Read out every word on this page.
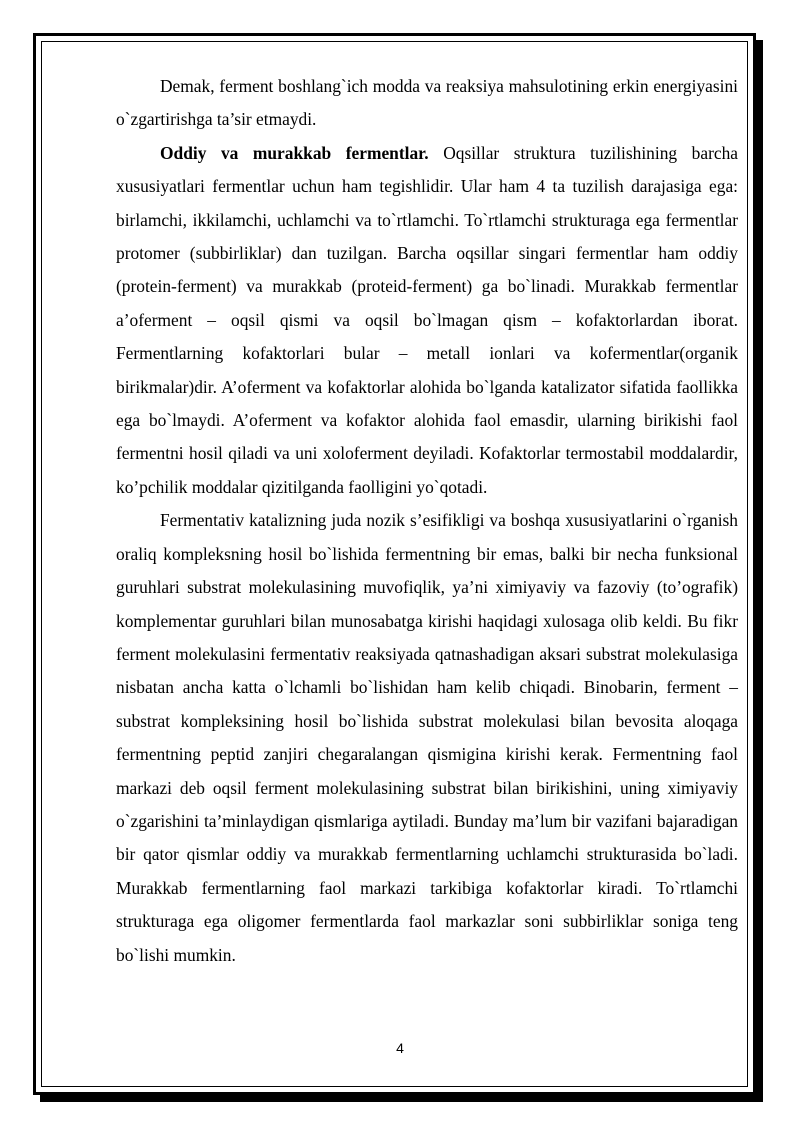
Demak, ferment boshlang`ich modda va reaksiya mahsulotining erkin energiyasini o`zgartirishga ta’sir etmaydi.

Oddiy va murakkab fermentlar. Oqsillar struktura tuzilishining barcha xususiyatlari fermentlar uchun ham tegishlidir. Ular ham 4 ta tuzilish darajasiga ega: birlamchi, ikkilamchi, uchlamchi va to`rtlamchi. To`rtlamchi strukturaga ega fermentlar protomer (subbirliklar) dan tuzilgan. Barcha oqsillar singari fermentlar ham oddiy (protein-ferment) va murakkab (proteid-ferment) ga bo`linadi. Murakkab fermentlar a’oferment – oqsil qismi va oqsil bo`lmagan qism – kofaktorlardan iborat. Fermentlarning kofaktorlari bular – metall ionlari va kofermentlar(organik birikmalar)dir. A’oferment va kofaktorlar alohida bo`lganda katalizator sifatida faollikka ega bo`lmaydi. A’oferment va kofaktor alohida faol emasdir, ularning birikishi faol fermentni hosil qiladi va uni xoloferment deyiladi. Kofaktorlar termostabil moddalardir, ko’pchilik moddalar qizitilganda faolligini yo`qotadi.

Fermentativ katalizning juda nozik s’esifikligi va boshqa xususiyatlarini o`rganish oraliq kompleksning hosil bo`lishida fermentning bir emas, balki bir necha funksional guruhlari substrat molekulasining muvofiqlik, ya’ni ximiyaviy va fazoviy (to’ografik) komplementar guruhlari bilan munosabatga kirishi haqidagi xulosaga olib keldi. Bu fikr ferment molekulasini fermentativ reaksiyada qatnashadigan aksari substrat molekulasiga nisbatan ancha katta o`lchamli bo`lishidan ham kelib chiqadi. Binobarin, ferment – substrat kompleksining hosil bo`lishida substrat molekulasi bilan bevosita aloqaga fermentning peptid zanjiri chegaralangan qismigina kirishi kerak. Fermentning faol markazi deb oqsil ferment molekulasining substrat bilan birikishini, uning ximiyaviy o`zgarishini ta’minlaydigan qismlariga aytiladi. Bunday ma’lum bir vazifani bajaradigan bir qator qismlar oddiy va murakkab fermentlarning uchlamchi strukturasida bo`ladi. Murakkab fermentlarning faol markazi tarkibiga kofaktorlar kiradi. To`rtlamchi strukturaga ega oligomer fermentlarda faol markazlar soni subbirliklar soniga teng bo`lishi mumkin.

4
